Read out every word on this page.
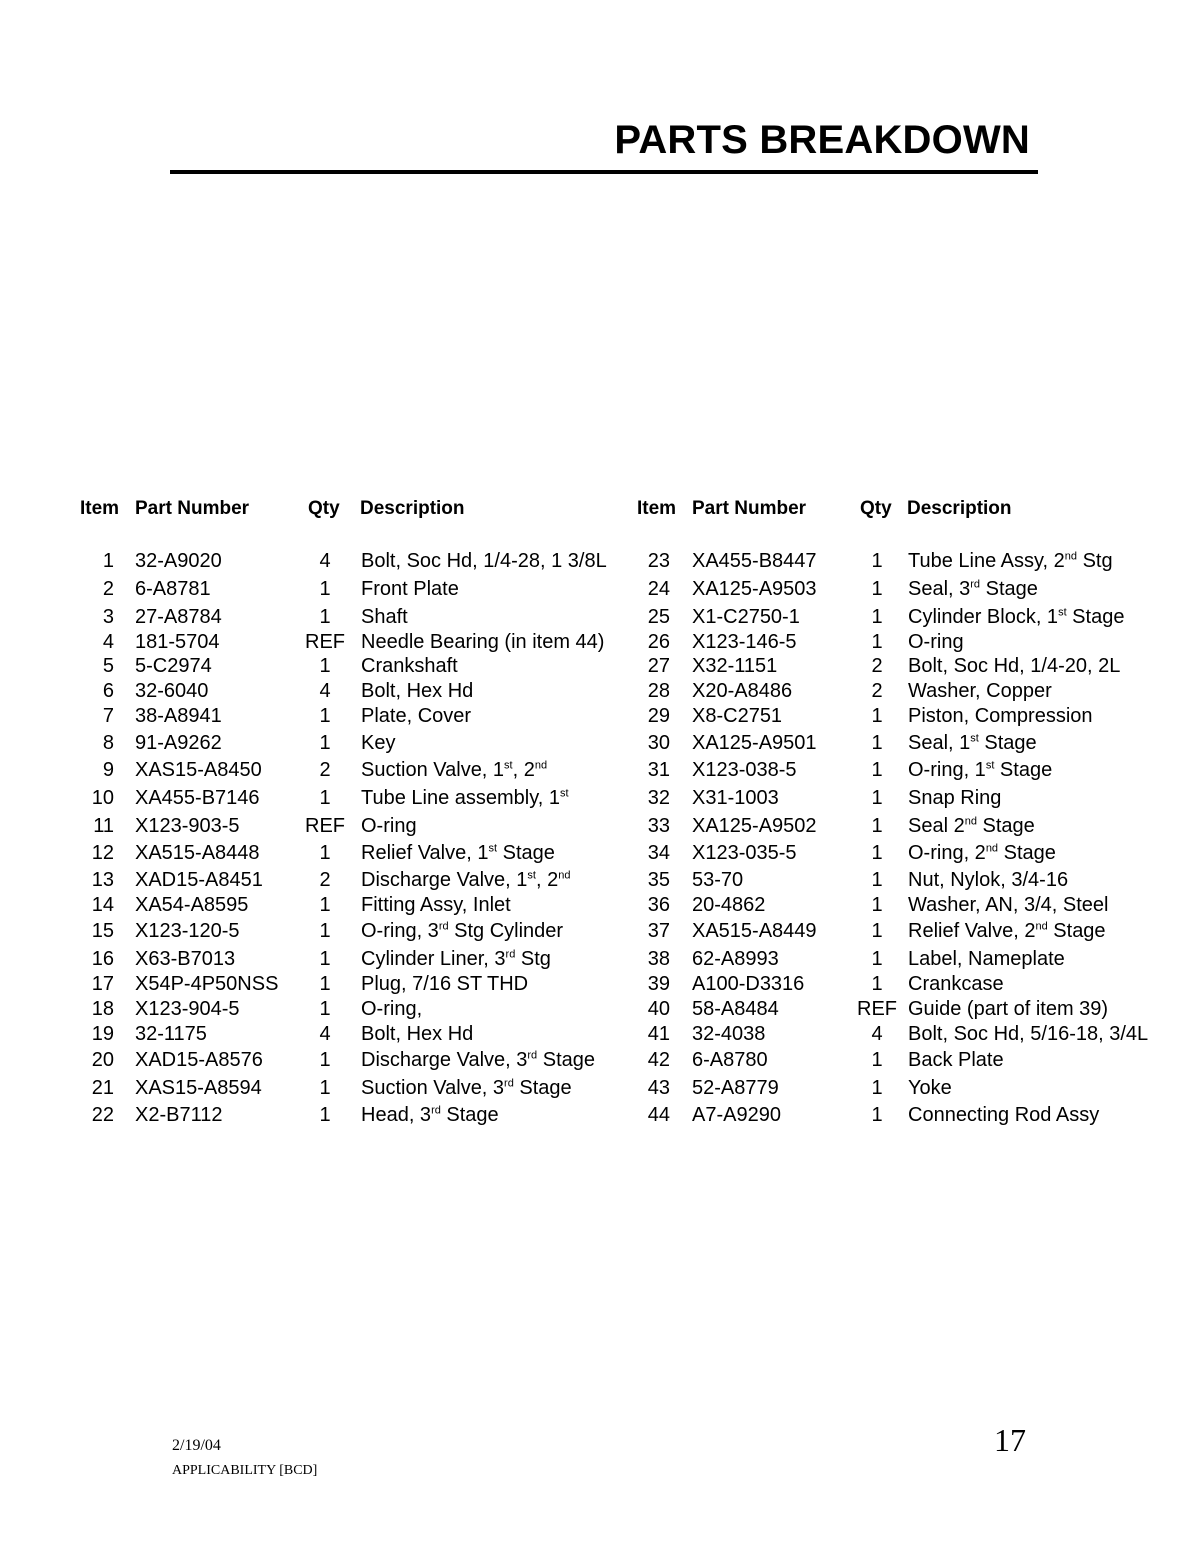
PARTS BREAKDOWN
Item Part Number	Qty Description	Item Part Number	Qty Description
1 32-A9020	4	Bolt, Soc Hd, 1/4-28, 1 3/8L
2 6-A8781	1	Front Plate
3 27-A8784	1	Shaft
4 181-5704	REF Needle Bearing (in item 44)
5 5-C2974	1	Crankshaft
6 32-6040	4	Bolt, Hex Hd
7 38-A8941	1	Plate, Cover
8 91-A9262	1	Key
9 XAS15-A8450	2	Suction Valve, 1st, 2nd
10 XA455-B7146	1	Tube Line assembly, 1st
11 X123-903-5	REF O-ring
12 XA515-A8448	1	Relief Valve, 1st Stage
13 XAD15-A8451	2	Discharge Valve, 1st, 2nd
14 XA54-A8595	1	Fitting Assy, Inlet
15 X123-120-5	1	O-ring, 3rd Stg Cylinder
16 X63-B7013	1	Cylinder Liner, 3rd Stg
17 X54P-4P50NSS	1	Plug, 7/16 ST THD
18 X123-904-5	1	O-ring,
19 32-1175	4	Bolt, Hex Hd
20 XAD15-A8576	1	Discharge Valve, 3rd Stage
21 XAS15-A8594	1	Suction Valve, 3rd Stage
22 X2-B7112	1	Head, 3rd Stage
23 XA455-B8447	1	Tube Line Assy, 2nd Stg
24 XA125-A9503	1	Seal, 3rd Stage
25 X1-C2750-1	1	Cylinder Block, 1st Stage
26 X123-146-5	1	O-ring
27 X32-1151	2	Bolt, Soc Hd, 1/4-20, 2L
28 X20-A8486	2	Washer, Copper
29 X8-C2751	1	Piston, Compression
30 XA125-A9501	1	Seal, 1st Stage
31 X123-038-5	1	O-ring, 1st Stage
32 X31-1003	1	Snap Ring
33 XA125-A9502	1	Seal 2nd Stage
34 X123-035-5	1	O-ring, 2nd Stage
35 53-70	1	Nut, Nylok, 3/4-16
36 20-4862	1	Washer, AN, 3/4, Steel
37 XA515-A8449	1	Relief Valve, 2nd Stage
38 62-A8993	1	Label, Nameplate
39 A100-D3316	1	Crankcase
40 58-A8484	REF Guide (part of item 39)
41 32-4038	4	Bolt, Soc Hd, 5/16-18, 3/4L
42 6-A8780	1	Back Plate
43 52-A8779	1	Yoke
44 A7-A9290	1	Connecting Rod Assy
2/19/04
APPLICABILITY [BCD]
17
